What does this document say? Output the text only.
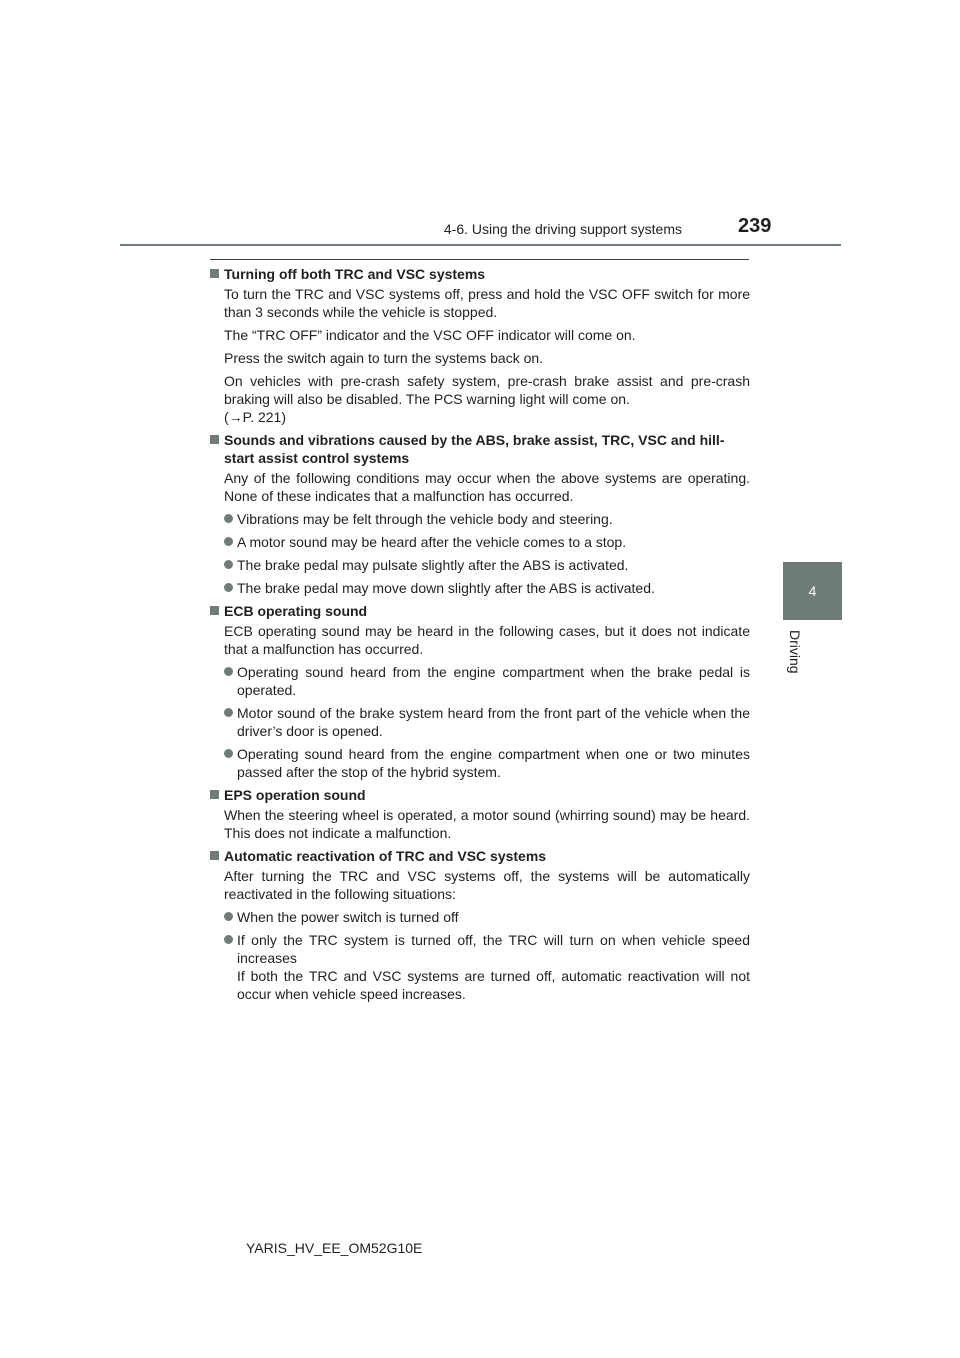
4-6. Using the driving support systems	239
4
Driving
Turning off both TRC and VSC systems
To turn the TRC and VSC systems off, press and hold the VSC OFF switch for more than 3 seconds while the vehicle is stopped.
The “TRC OFF” indicator and the VSC OFF indicator will come on.
Press the switch again to turn the systems back on.
On vehicles with pre-crash safety system, pre-crash brake assist and pre-crash braking will also be disabled. The PCS warning light will come on.
(→P. 221)
Sounds and vibrations caused by the ABS, brake assist, TRC, VSC and hill-start assist control systems
Any of the following conditions may occur when the above systems are operating. None of these indicates that a malfunction has occurred.
Vibrations may be felt through the vehicle body and steering.
A motor sound may be heard after the vehicle comes to a stop.
The brake pedal may pulsate slightly after the ABS is activated.
The brake pedal may move down slightly after the ABS is activated.
ECB operating sound
ECB operating sound may be heard in the following cases, but it does not indicate that a malfunction has occurred.
Operating sound heard from the engine compartment when the brake pedal is operated.
Motor sound of the brake system heard from the front part of the vehicle when the driver’s door is opened.
Operating sound heard from the engine compartment when one or two minutes passed after the stop of the hybrid system.
EPS operation sound
When the steering wheel is operated, a motor sound (whirring sound) may be heard. This does not indicate a malfunction.
Automatic reactivation of TRC and VSC systems
After turning the TRC and VSC systems off, the systems will be automatically reactivated in the following situations:
When the power switch is turned off
If only the TRC system is turned off, the TRC will turn on when vehicle speed increases
If both the TRC and VSC systems are turned off, automatic reactivation will not occur when vehicle speed increases.
YARIS_HV_EE_OM52G10E
